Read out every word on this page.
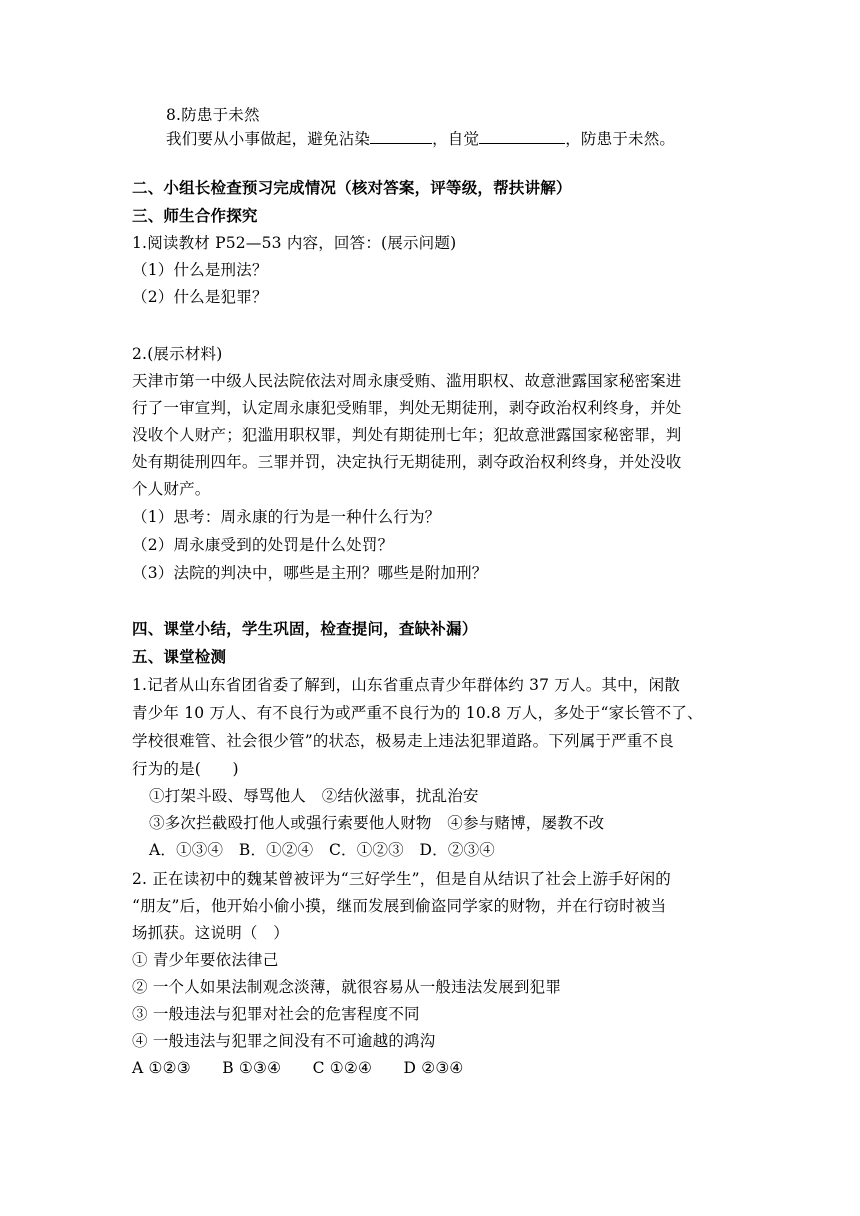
8.防患于未然
我们要从小事做起，避免沾染	，自觉	，防患于未然。
二、小组长检查预习完成情况（核对答案，评等级，帮扶讲解）
三、师生合作探究
1.阅读教材 P52—53 内容，回答：(展示问题)
（1）什么是刑法？
（2）什么是犯罪？
2.(展示材料)
天津市第一中级人民法院依法对周永康受贿、滥用职权、故意泄露国家秘密案进
行了一审宣判，认定周永康犯受贿罪，判处无期徒刑，剥夺政治权利终身，并处
没收个人财产；犯滥用职权罪，判处有期徒刑七年；犯故意泄露国家秘密罪，判
处有期徒刑四年。三罪并罚，决定执行无期徒刑，剥夺政治权利终身，并处没收
个人财产。
（1）思考：周永康的行为是一种什么行为？
（2）周永康受到的处罚是什么处罚？
（3）法院的判决中，哪些是主刑？哪些是附加刑？
四、课堂小结，学生巩固，检查提问，查缺补漏）
五、课堂检测
1.记者从山东省团省委了解到，山东省重点青少年群体约 37 万人。其中，闲散
青少年 10 万人、有不良行为或严重不良行为的 10.8 万人，多处于“家长管不了、
学校很难管、社会很少管”的状态，极易走上违法犯罪道路。下列属于严重不良
行为的是(　　)
①打架斗殴、辱骂他人　②结伙滋事，扰乱治安
③多次拦截殴打他人或强行索要他人财物　④参与赌博，屡教不改
A．①③④　B．①②④　C．①②③　D．②③④
2. 正在读初中的魏某曾被评为“三好学生”，但是自从结识了社会上游手好闲的
“朋友”后，他开始小偷小摸，继而发展到偷盗同学家的财物，并在行窃时被当
场抓获。这说明（　）
① 青少年要依法律己
② 一个人如果法制观念淡薄，就很容易从一般违法发展到犯罪
③ 一般违法与犯罪对社会的危害程度不同
④ 一般违法与犯罪之间没有不可逾越的鸿沟
A ①②③　　B ①③④　　C ①②④　　D ②③④
